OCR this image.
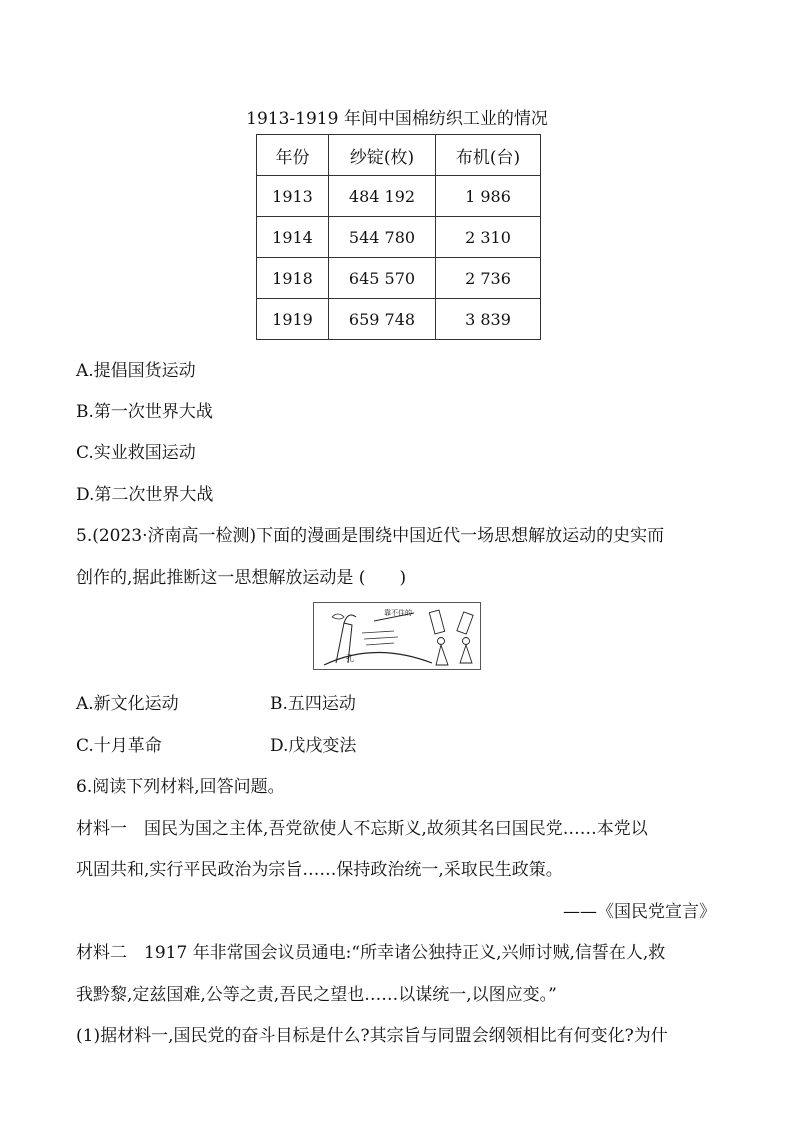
1913-1919 年间中国棉纺织工业的情况
年份	纱锭(枚)	布机(台)
1913	484 192	1 986
1914	544 780	2 310
1918	645 570	2 736
1919	659 748	3 839
A.提倡国货运动
B.第一次世界大战
C.实业救国运动
D.第二次世界大战
5.(2023·济南高一检测)下面的漫画是围绕中国近代一场思想解放运动的史实而
创作的,据此推断这一思想解放运动是 (　　)
靠不住的
孔
A.新文化运动	B.五四运动
C.十月革命	D.戊戌变法
6.阅读下列材料,回答问题。
材料一　国民为国之主体,吾党欲使人不忘斯义,故须其名曰国民党……本党以
巩固共和,实行平民政治为宗旨……保持政治统一,采取民生政策。
——《国民党宣言》
材料二　1917 年非常国会议员通电:“所幸诸公独持正义,兴师讨贼,信誓在人,救
我黔黎,定兹国难,公等之责,吾民之望也……以谋统一,以图应变。”
(1)据材料一,国民党的奋斗目标是什么?其宗旨与同盟会纲领相比有何变化?为什
